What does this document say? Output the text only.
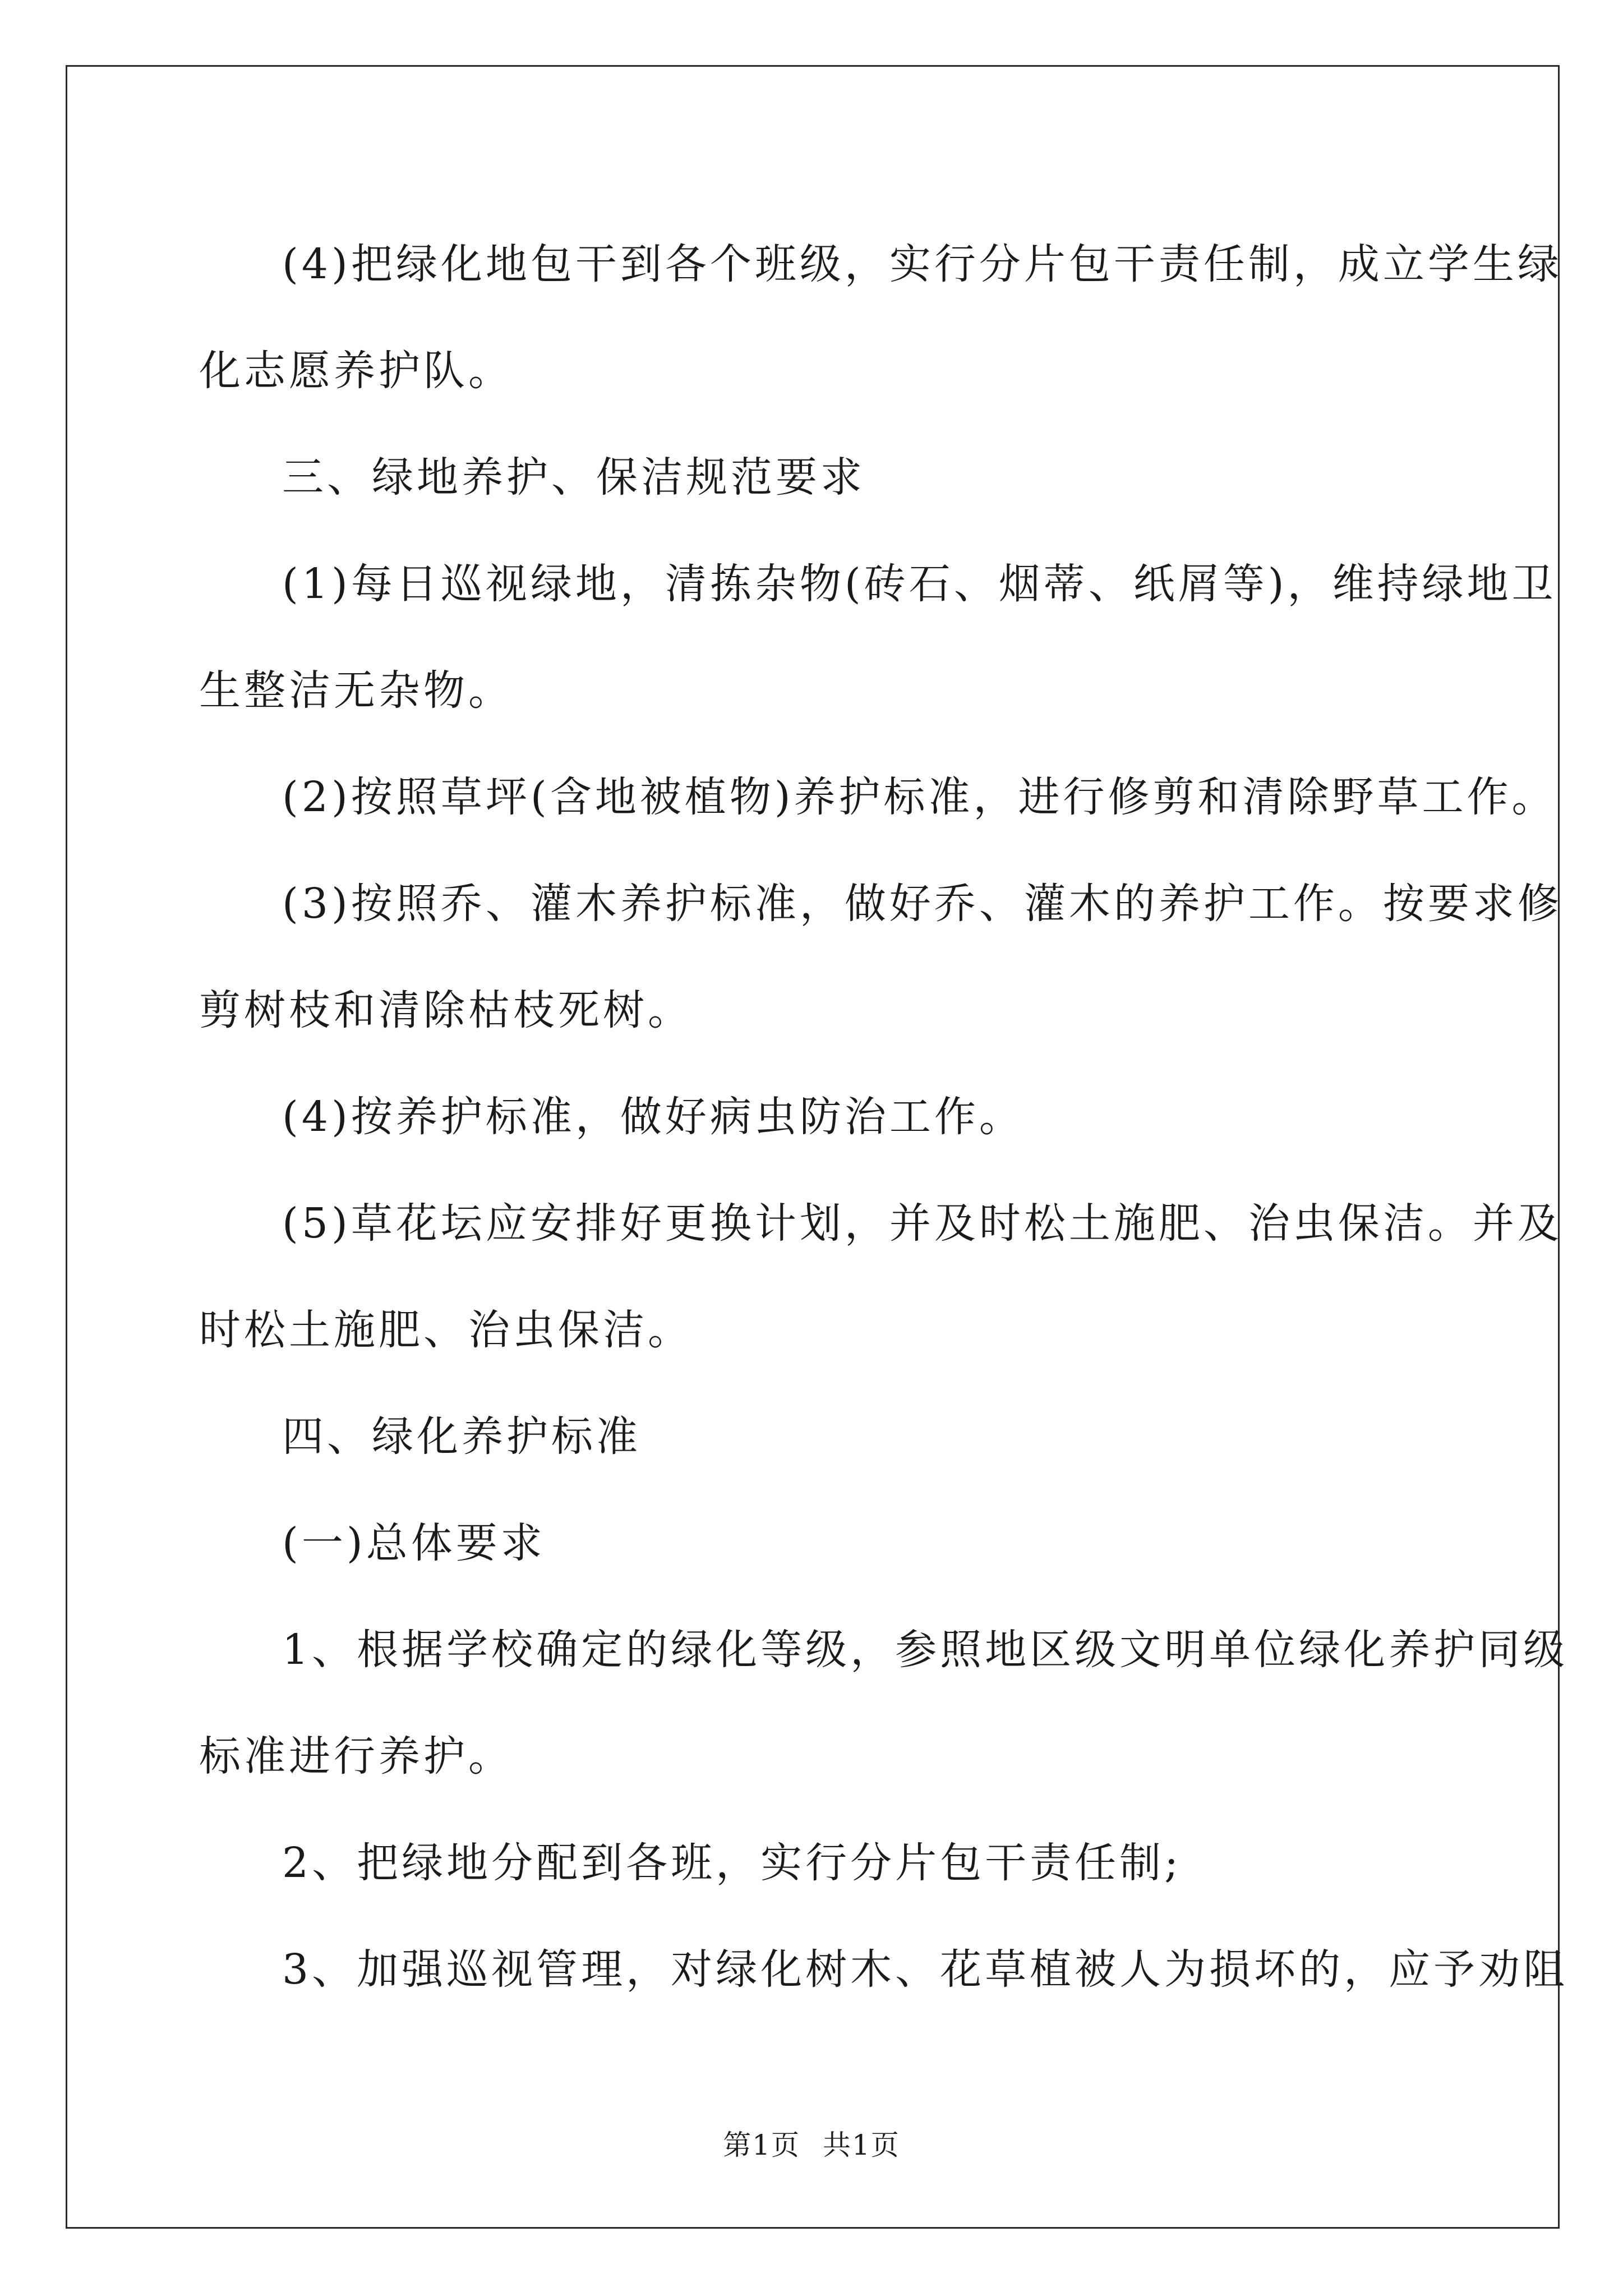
(4)把绿化地包干到各个班级，实行分片包干责任制，成立学生绿
化志愿养护队。

三、绿地养护、保洁规范要求

(1)每日巡视绿地，清拣杂物(砖石、烟蒂、纸屑等)，维持绿地卫
生整洁无杂物。

(2)按照草坪(含地被植物)养护标准，进行修剪和清除野草工作。

(3)按照乔、灌木养护标准，做好乔、灌木的养护工作。按要求修
剪树枝和清除枯枝死树。

(4)按养护标准，做好病虫防治工作。

(5)草花坛应安排好更换计划，并及时松土施肥、治虫保洁。并及
时松土施肥、治虫保洁。

四、绿化养护标准

(一)总体要求

1、根据学校确定的绿化等级，参照地区级文明单位绿化养护同级
标准进行养护。

2、把绿地分配到各班，实行分片包干责任制;

3、加强巡视管理，对绿化树木、花草植被人为损坏的，应予劝阻

第1页 共1页
